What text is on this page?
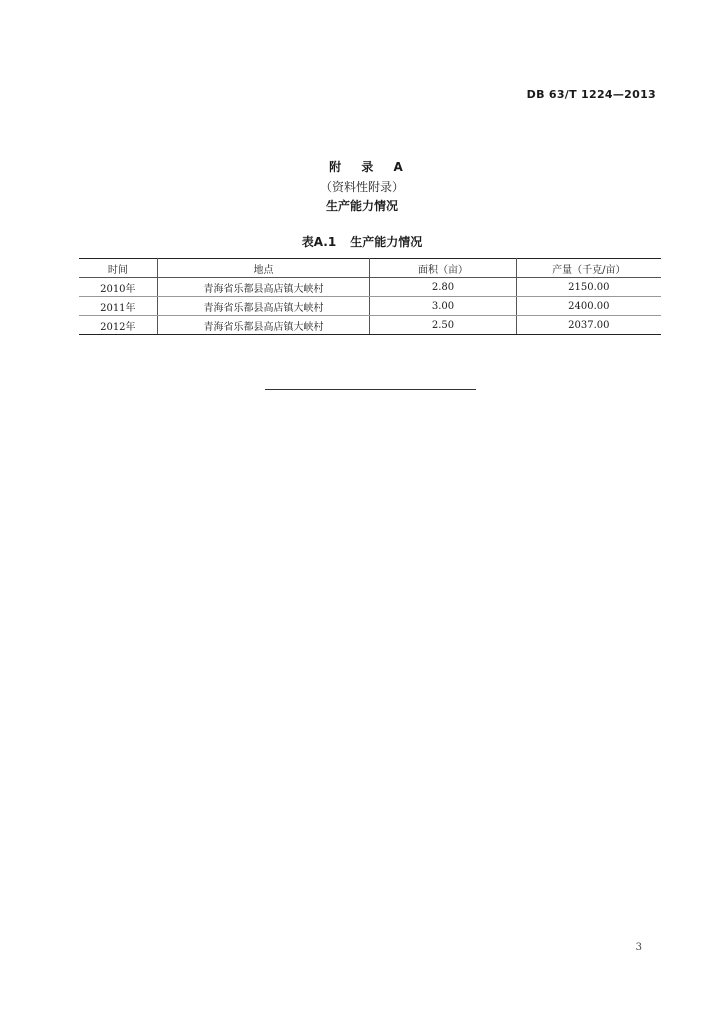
DB 63/T 1224—2013
附 录 A
（资料性附录）
生产能力情况
表A.1 生产能力情况
时间	地点	面积（亩）	产量（千克/亩）
2010年	青海省乐都县高店镇大峡村	2.80	2150.00
2011年	青海省乐都县高店镇大峡村	3.00	2400.00
2012年	青海省乐都县高店镇大峡村	2.50	2037.00
3
